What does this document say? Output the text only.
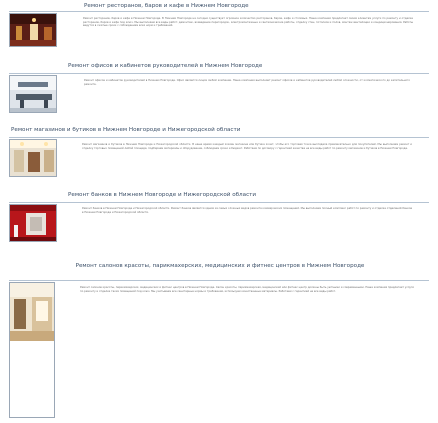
Ремонт ресторанов, баров и кафе в Нижнем Новгороде
Ремонт ресторанов, баров и кафе в Нижнем Новгороде. В Нижнем Новгороде на сегодня существует огромное количество ресторанов, баров, кафе и столовых. Наша компания предлагает своим клиентам услуги по ремонту и отделке ресторанов, баров и кафе под ключ. Мы выполняем все виды работ: демонтаж, возведение перегородок, электромонтажные и сантехнические работы, отделку стен, потолков и полов, монтаж вентиляции и кондиционирования. Работы ведутся в сжатые сроки с соблюдением всех норм и требований.
Ремонт офисов и кабинетов руководителей в Нижнем Новгороде
Ремонт офисов и кабинетов руководителей в Нижнем Новгороде. Офис является лицом любой компании. Наша компания выполняет ремонт офисов и кабинетов руководителей любой сложности, от косметического до капитального ремонта.
Ремонт магазинов и бутиков в Нижнем Новгороде и Нижегородской области
Ремонт магазинов и бутиков в Нижнем Новгороде и Нижегородской области. В наше время каждый хозяин магазина или бутика хочет, чтобы его торговая точка выглядела привлекательно для покупателей. Мы выполняем ремонт и отделку торговых помещений любой площади, подбираем материалы и оборудование, соблюдаем сроки и бюджет. Работаем по договору с гарантией качества на все виды работ по ремонту магазинов и бутиков в Нижнем Новгороде.
Ремонт банков в Нижнем Новгороде и Нижегородской области
Ремонт банков в Нижнем Новгороде и Нижегородской области. Ремонт банков является одним из самых сложных видов ремонта коммерческих помещений. Мы выполняем полный комплекс работ по ремонту и отделке отделений банков в Нижнем Новгороде и Нижегородской области.
Ремонт салонов красоты, парикмахерских, медицинских и фитнес центров в Нижнем Новгороде
Ремонт салонов красоты, парикмахерских, медицинских и фитнес центров в Нижнем Новгороде. Салон красоты, парикмахерская, медицинский или фитнес центр должны быть уютными и современными. Наша компания предлагает услуги по ремонту и отделке таких помещений под ключ. Мы учитываем все санитарные нормы и требования, используем качественные материалы. Работаем с гарантией на все виды работ.
